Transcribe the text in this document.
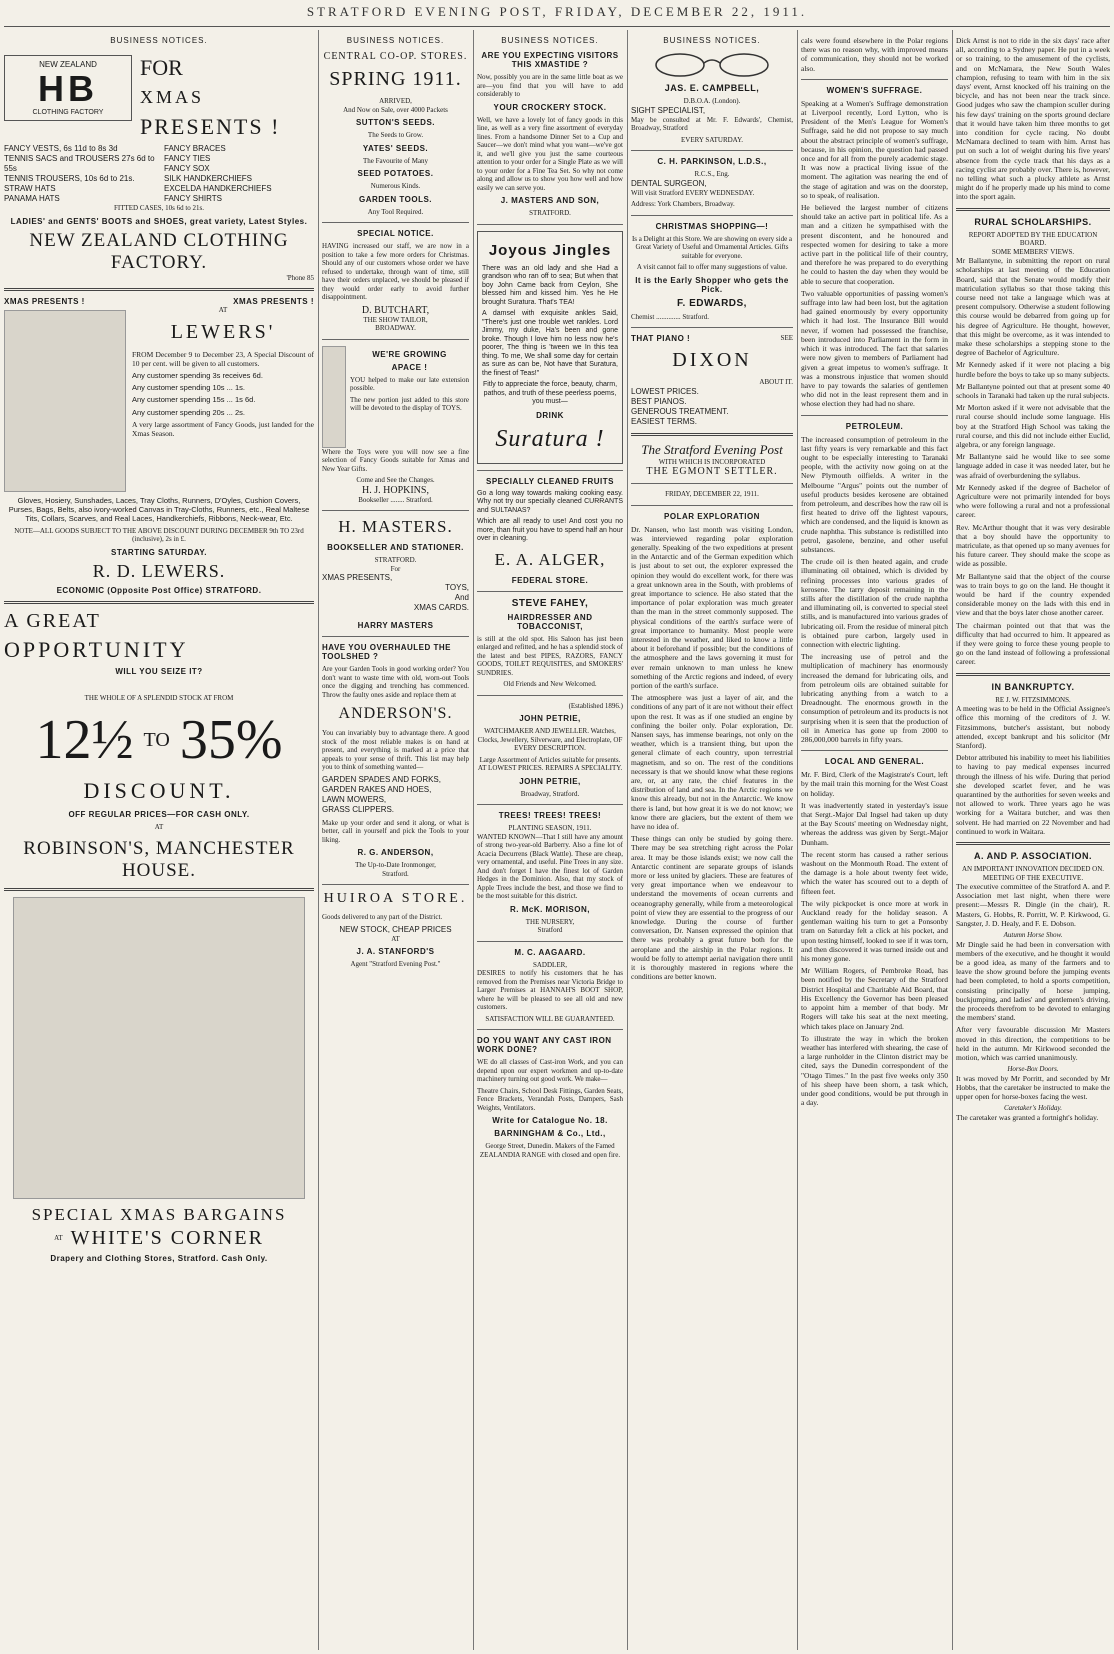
STRATFORD EVENING POST, FRIDAY, DECEMBER 22, 1911.
BUSINESS NOTICES.
NEW ZEALAND
HB
CLOTHING FACTORY
FOR
XMAS
PRESENTS !
FANCY VESTS, 6s 11d to 8s 3d
TENNIS SACS and TROUSERS 27s 6d to 55s
TENNIS TROUSERS, 10s 6d to 21s.
STRAW HATS
PANAMA HATS
FANCY BRACES
FANCY TIES
FANCY SOX
SILK HANDKERCHIEFS
EXCELDA HANDKERCHIEFS
FANCY SHIRTS
FITTED CASES, 10s 6d to 21s.
LADIES' and GENTS' BOOTS and SHOES, great variety, Latest Styles.
NEW ZEALAND CLOTHING FACTORY.
'Phone 85
XMAS PRESENTS !	XMAS PRESENTS !
AT
LEWERS'

FROM December 9 to December 23, A Special Discount of 10 per cent. will be given to all customers.

Any customer spending 3s receives 6d.

Any customer spending 10s ... 1s.

Any customer spending 15s ... 1s 6d.

Any customer spending 20s ... 2s.

A very large assortment of Fancy Goods, just landed for the Xmas Season.

Gloves, Hosiery, Sunshades, Laces, Tray Cloths, Runners, D'Oyles, Cushion Covers, Purses, Bags, Belts, also ivory-worked Canvas in Tray-Cloths, Runners, etc., Real Maltese Tits, Collars, Scarves, and Real Laces, Handkerchiefs, Ribbons, Neck-wear, Etc.

NOTE—ALL GOODS SUBJECT TO THE ABOVE DISCOUNT DURING DECEMBER 9th TO 23rd (inclusive), 2s in £.

STARTING SATURDAY.
R. D. LEWERS.
ECONOMIC (Opposite Post Office) STRATFORD.
A GREAT
OPPORTUNITY
WILL YOU SEIZE IT?
THE WHOLE OF A SPLENDID STOCK AT FROM
12½ TO 35%
DISCOUNT.
OFF REGULAR PRICES—FOR CASH ONLY.
AT
ROBINSON'S, MANCHESTER HOUSE.
SPECIAL XMAS BARGAINS
AT WHITE'S CORNER
Drapery and Clothing Stores, Stratford. Cash Only.
BUSINESS NOTICES.
CENTRAL CO-OP. STORES.
SPRING 1911.
ARRIVED,
And Now on Sale, over 4000 Packets
SUTTON'S SEEDS.
The Seeds to Grow.
YATES' SEEDS.
The Favourite of Many
SEED POTATOES.
Numerous Kinds.
GARDEN TOOLS.
Any Tool Required.
SPECIAL NOTICE.

HAVING increased our staff, we are now in a position to take a few more orders for Christmas. Should any of our customers whose order we have refused to undertake, through want of time, still have their orders unplaced, we should be pleased if they would order early to avoid further disappointment.

D. BUTCHART,
THE SHOW TAILOR,
BROADWAY.
WE'RE GROWING
APACE !

YOU helped to make our late extension possible.

The new portion just added to this store will be devoted to the display of TOYS.

Where the Toys were you will now see a fine selection of Fancy Goods suitable for Xmas and New Year Gifts.

Come and See the Changes.
H. J. HOPKINS,
Bookseller ........ Stratford.
H. MASTERS.
BOOKSELLER AND STATIONER.
STRATFORD.
For
XMAS PRESENTS,
TOYS,
And
XMAS CARDS.
HARRY MASTERS
HAVE YOU OVERHAULED THE TOOLSHED ?

Are your Garden Tools in good working order? You don't want to waste time with old, worn-out Tools once the digging and trenching has commenced. Throw the faulty ones aside and replace them at

ANDERSON'S.

You can invariably buy to advantage there. A good stock of the most reliable makes is on hand at present, and everything is marked at a price that appeals to your sense of thrift. This list may help you to think of something wanted—

GARDEN SPADES AND FORKS,
GARDEN RAKES AND HOES,
LAWN MOWERS,
GRASS CLIPPERS.

Make up your order and send it along, or what is better, call in yourself and pick the Tools to your liking.

R. G. ANDERSON,
The Up-to-Date Ironmonger,
Stratford.
HUIROA STORE.

Goods delivered to any part of the District.

NEW STOCK, CHEAP PRICES
AT
J. A. STANFORD'S
Agent "Stratford Evening Post."
BUSINESS NOTICES.
ARE YOU EXPECTING VISITORS THIS XMASTIDE ?

Now, possibly you are in the same little boat as we are—you find that you will have to add considerably to

YOUR CROCKERY STOCK.

Well, we have a lovely lot of fancy goods in this line, as well as a very fine assortment of everyday lines. From a handsome Dinner Set to a Cup and Saucer—we don't mind what you want—we've got it, and we'll give you just the same courteous attention to your order for a Single Plate as we will to your order for a Fine Tea Set. So why not come along and allow us to show you how well and how easily we can serve you.

J. MASTERS AND SON,
STRATFORD.
Joyous Jingles

There was an old lady and she Had a grandson who ran off to sea; But when that boy John Came back from Ceylon, She blessed him and kissed him. Yes he He brought Suratura. That's TEA!

A damsel with exquisite ankles Said, "There's just one trouble wet rankles. Lord Jimmy, my duke, Ha's been and gone broke. Though I love him no less now he's poorer, The thing is 'tween we In this tea thing. To me, We shall some day for certain as sure as can be, Not have that Suratura, the finest of Teas!"

Fitly to appreciate the force, beauty, charm, pathos, and truth of these peerless poems, you must—

DRINK
Suratura !
SPECIALLY CLEANED FRUITS

Go a long way towards making cooking easy. Why not try our specially cleaned CURRANTS and SULTANAS?

Which are all ready to use! And cost you no more, than fruit you have to spend half an hour over in cleaning.

E. A. ALGER,
FEDERAL STORE.
STEVE FAHEY,
HAIRDRESSER AND TOBACCONIST,

is still at the old spot. His Saloon has just been enlarged and refitted, and he has a splendid stock of the latest and best PIPES, RAZORS, FANCY GOODS, TOILET REQUISITES, and SMOKERS' SUNDRIES.

Old Friends and New Welcomed.
(Established 1896.)
JOHN PETRIE,

WATCHMAKER AND JEWELLER. Watches, Clocks, Jewellery, Silverware, and Electroplate, OF EVERY DESCRIPTION.

Large Assortment of Articles suitable for presents. AT LOWEST PRICES. REPAIRS A SPECIALITY.

JOHN PETRIE,
Broadway, Stratford.
TREES! TREES! TREES!
PLANTING SEASON, 1911.

WANTED KNOWN—That I still have any amount of strong two-year-old Barberry. Also a fine lot of Acacia Decurrens (Black Wattle). These are cheap, very ornamental, and useful. Pine Trees in any size. And don't forget I have the finest lot of Garden Hedges in the Dominion. Also, that my stock of Apple Trees include the best, and those we find to be the most suitable for this district.

R. McK. MORISON,
THE NURSERY,
Stratford
M. C. AAGAARD.
SADDLER,

DESIRES to notify his customers that he has removed from the Premises near Victoria Bridge to Larger Premises at HANNAH'S BOOT SHOP, where he will be pleased to see all old and new customers.

SATISFACTION WILL BE GUARANTEED.
DO YOU WANT ANY CAST IRON WORK DONE?

WE do all classes of Cast-iron Work, and you can depend upon our expert workmen and up-to-date machinery turning out good work. We make—

Theatre Chairs, School Desk Fittings, Garden Seats, Fence Brackets, Verandah Posts, Dampers, Sash Weights, Ventilators.

Write for Catalogue No. 18.
BARNINGHAM & Co., Ltd.,

George Street, Dunedin. Makers of the Famed ZEALANDIA RANGE with closed and open fire.

BUSINESS NOTICES.
JAS. E. CAMPBELL,
D.B.O.A. (London).
SIGHT SPECIALIST,

May be consulted at Mr. F. Edwards', Chemist, Broadway, Stratford

EVERY SATURDAY.
C. H. PARKINSON, L.D.S.,
R.C.S., Eng.
DENTAL SURGEON,

Will visit Stratford EVERY WEDNESDAY.

Address: York Chambers, Broadway.

CHRISTMAS SHOPPING—!

Is a Delight at this Store. We are showing on every side a Great Variety of Useful and Ornamental Articles. Gifts suitable for everyone.

A visit cannot fail to offer many suggestions of value.

It is the Early Shopper who gets the Pick.
F. EDWARDS,
Chemist .............. Stratford.
THAT PIANO !	SEE
DIXON
ABOUT IT.
LOWEST PRICES.
BEST PIANOS.
GENEROUS TREATMENT.
EASIEST TERMS.
The Stratford Evening Post
WITH WHICH IS INCORPORATED
THE EGMONT SETTLER.
FRIDAY, DECEMBER 22, 1911.
POLAR EXPLORATION

Dr. Nansen, who last month was visiting London, was interviewed regarding polar exploration generally. Speaking of the two expeditions at present in the Antarctic and of the German expedition which is just about to set out, the explorer expressed the opinion they would do excellent work, for there was a great unknown area in the South, with problems of great importance to science. He also stated that the importance of polar exploration was much greater than the man in the street commonly supposed. The physical conditions of the earth's surface were of great importance to humanity. Most people were interested in the weather, and liked to know a little about it beforehand if possible; but the conditions of the atmosphere and the laws governing it must for ever remain unknown to man unless he knew something of the Arctic regions and indeed, of every portion of the earth's surface.

The atmosphere was just a layer of air, and the conditions of any part of it are not without their effect upon the rest. It was as if one studied an engine by confining the boiler only. Polar exploration, Dr. Nansen says, has immense bearings, not only on the weather, which is a transient thing, but upon the general climate of each country, upon terrestrial magnetism, and so on. The rest of the conditions necessary is that we should know what these regions are, or, at any rate, the chief features in the distribution of land and sea. In the Arctic regions we know this already, but not in the Antarctic. We know there is land, but how great it is we do not know; we know there are glaciers, but the extent of them we have no idea of.

These things can only be studied by going there. There may be sea stretching right across the Polar area. It may be those islands exist; we now call the Antarctic continent are separate groups of islands more or less united by glaciers. These are features of very great importance when we endeavour to understand the movements of ocean currents and oceanography generally, while from a meteorological point of view they are essential to the progress of our knowledge. During the course of further conversation, Dr. Nansen expressed the opinion that there was probably a great future both for the aeroplane and the airship in the Polar regions. It would be folly to attempt aerial navigation there until it is thoroughly mastered in regions where the conditions are better known.

cals were found elsewhere in the Polar regions there was no reason why, with improved means of communication, they should not be worked also.

WOMEN'S SUFFRAGE.

Speaking at a Women's Suffrage demonstration at Liverpool recently, Lord Lytton, who is President of the Men's League for Women's Suffrage, said he did not propose to say much about the abstract principle of women's suffrage, because, in his opinion, the question had passed once and for all from the purely academic stage. It was now a practical living issue of the moment. The agitation was nearing the end of the stage of agitation and was on the doorstep, so to speak, of realisation.

He believed the largest number of citizens should take an active part in political life. As a man and a citizen he sympathised with the present discontent, and he honoured and respected women for desiring to take a more active part in the political life of their country, and therefore he was prepared to do everything he could to hasten the day when they would be able to secure that cooperation.

Two valuable opportunities of passing women's suffrage into law had been lost, but the agitation had gained enormously by every opportunity which it had lost. The Insurance Bill would never, if women had possessed the franchise, been introduced into Parliament in the form in which it was introduced. The fact that salaries were now given to members of Parliament had given a great impetus to women's suffrage. It was a monstrous injustice that women should have to pay towards the salaries of gentlemen who did not in the least represent them and in whose election they had had no share.

PETROLEUM.

The increased consumption of petroleum in the last fifty years is very remarkable and this fact ought to be especially interesting to Taranaki people, with the activity now going on at the New Plymouth oilfields. A writer in the Melbourne "Argus" points out the number of useful products besides kerosene are obtained from petroleum, and describes how the raw oil is first heated to drive off the lightest vapours, which are condensed, and the liquid is known as crude naphtha. This substance is redistilled into petrol, gasolene, benzine, and other useful substances.

The crude oil is then heated again, and crude illuminating oil obtained, which is divided by refining processes into various grades of kerosene. The tarry deposit remaining in the stills after the distillation of the crude naphtha and illuminating oil, is converted to special steel stills, and is manufactured into various grades of lubricating oil. From the residue of mineral pitch is obtained pure carbon, largely used in connection with electric lighting.

The increasing use of petrol and the multiplication of machinery has enormously increased the demand for lubricating oils, and from petroleum oils are obtained suitable for lubricating anything from a watch to a Dreadnought. The enormous growth in the consumption of petroleum and its products is not surprising when it is seen that the production of oil in America has gone up from 2000 to 286,000,000 barrels in fifty years.

LOCAL AND GENERAL.

Mr. F. Bird, Clerk of the Magistrate's Court, left by the mail train this morning for the West Coast on holiday.

It was inadvertently stated in yesterday's issue that Sergt.-Major Dal Ingsel had taken up duty at the Bay Scouts' meeting on Wednesday night, whereas the address was given by Sergt.-Major Dunham.

The recent storm has caused a rather serious washout on the Monmouth Road. The extent of the damage is a hole about twenty feet wide, which the water has scoured out to a depth of fifteen feet.

The wily pickpocket is once more at work in Auckland ready for the holiday season. A gentleman waiting his turn to get a Ponsonby tram on Saturday felt a click at his pocket, and upon testing himself, looked to see if it was torn, and then discovered it was turned inside out and his money gone.

Mr William Rogers, of Pembroke Road, has been notified by the Secretary of the Stratford District Hospital and Charitable Aid Board, that His Excellency the Governor has been pleased to appoint him a member of that body. Mr Rogers will take his seat at the next meeting, which takes place on January 2nd.

To illustrate the way in which the broken weather has interfered with shearing, the case of a large runholder in the Clinton district may be cited, says the Dunedin correspondent of the "Otago Times." In the past five weeks only 350 of his sheep have been shorn, a task which, under good conditions, would be put through in a day.

Dick Arnst is not to ride in the six days' race after all, according to a Sydney paper. He put in a week or so training, to the amusement of the cyclists, and on McNamara, the New South Wales champion, refusing to team with him in the six days' event, Arnst knocked off his training on the bicycle, and has not been near the track since. Good judges who saw the champion sculler during his few days' training on the sports ground declare that it would have taken him three months to get into condition for cycle racing. No doubt McNamara declined to team with him. Arnst has put on such a lot of weight during his five years' absence from the cycle track that his days as a racing cyclist are probably over. There is, however, no telling what such a plucky athlete as Arnst might do if he properly made up his mind to come into the sport again.

RURAL SCHOLARSHIPS.
REPORT ADOPTED BY THE EDUCATION BOARD.
SOME MEMBERS' VIEWS.

Mr Ballantyne, in submitting the report on rural scholarships at last meeting of the Education Board, said that the Senate would modify their matriculation syllabus so that those taking this course need not take a language which was at present compulsory. Otherwise a student following this course would be debarred from going up for his degree of Agriculture. He thought, however, that this might be overcome, as it was intended to make these scholarships a stepping stone to the degree of Bachelor of Agriculture.

Mr Kennedy asked if it were not placing a big hurdle before the boys to take up so many subjects.

Mr Ballantyne pointed out that at present some 40 schools in Taranaki had taken up the rural subjects.

Mr Morton asked if it were not advisable that the rural course should include some language. His boy at the Stratford High School was taking the rural course, and this did not include either Euclid, algebra, or any foreign language.

Mr Ballantyne said he would like to see some language added in case it was needed later, but he was afraid of overburdening the syllabus.

Mr Kennedy asked if the degree of Bachelor of Agriculture were not primarily intended for boys who were following a rural and not a professional career.

Rev. McArthur thought that it was very desirable that a boy should have the opportunity to matriculate, as that opened up so many avenues for his future career. They should make the scope as wide as possible.

Mr Ballantyne said that the object of the course was to train boys to go on the land. He thought it would be hard if the country expended considerable money on the lads with this end in view and that the boys later chose another career.

The chairman pointed out that that was the difficulty that had occurred to him. It appeared as if they were going to force these young people to go on the land instead of following a professional career.

IN BANKRUPTCY.
RE J. W. FITZSIMMONS.

A meeting was to be held in the Official Assignee's office this morning of the creditors of J. W. Fitzsimmons, butcher's assistant, but nobody attended, except bankrupt and his solicitor (Mr Stanford).

Debtor attributed his inability to meet his liabilities to having to pay medical expenses incurred through the illness of his wife. During that period she developed scarlet fever, and he was quarantined by the authorities for seven weeks and not allowed to work. Three years ago he was working for a Waitara butcher, and was then solvent. He had married on 22 November and had continued to work in Waitara.

A. AND P. ASSOCIATION.
AN IMPORTANT INNOVATION DECIDED ON.
MEETING OF THE EXECUTIVE.

The executive committee of the Stratford A. and P. Association met last night, when there were present:—Messrs R. Dingle (in the chair), R. Masters, G. Hobbs, R. Porritt, W. P. Kirkwood, G. Sangster, J. D. Healy, and F. E. Dobson.

Autumn Horse Show.

Mr Dingle said he had been in conversation with members of the executive, and he thought it would be a good idea, as many of the farmers and to leave the show ground before the jumping events had been completed, to hold a sports competition, consisting principally of horse jumping, buckjumping, and ladies' and gentlemen's driving, the proceeds therefrom to be devoted to enlarging the members' stand.

After very favourable discussion Mr Masters moved in this direction, the competitions to be held in the autumn. Mr Kirkwood seconded the motion, which was carried unanimously.

Horse-Box Doors.

It was moved by Mr Porritt, and seconded by Mr Hobbs, that the caretaker be instructed to make the upper open for horse-boxes facing the west.

Caretaker's Holiday.

The caretaker was granted a fortnight's holiday.
